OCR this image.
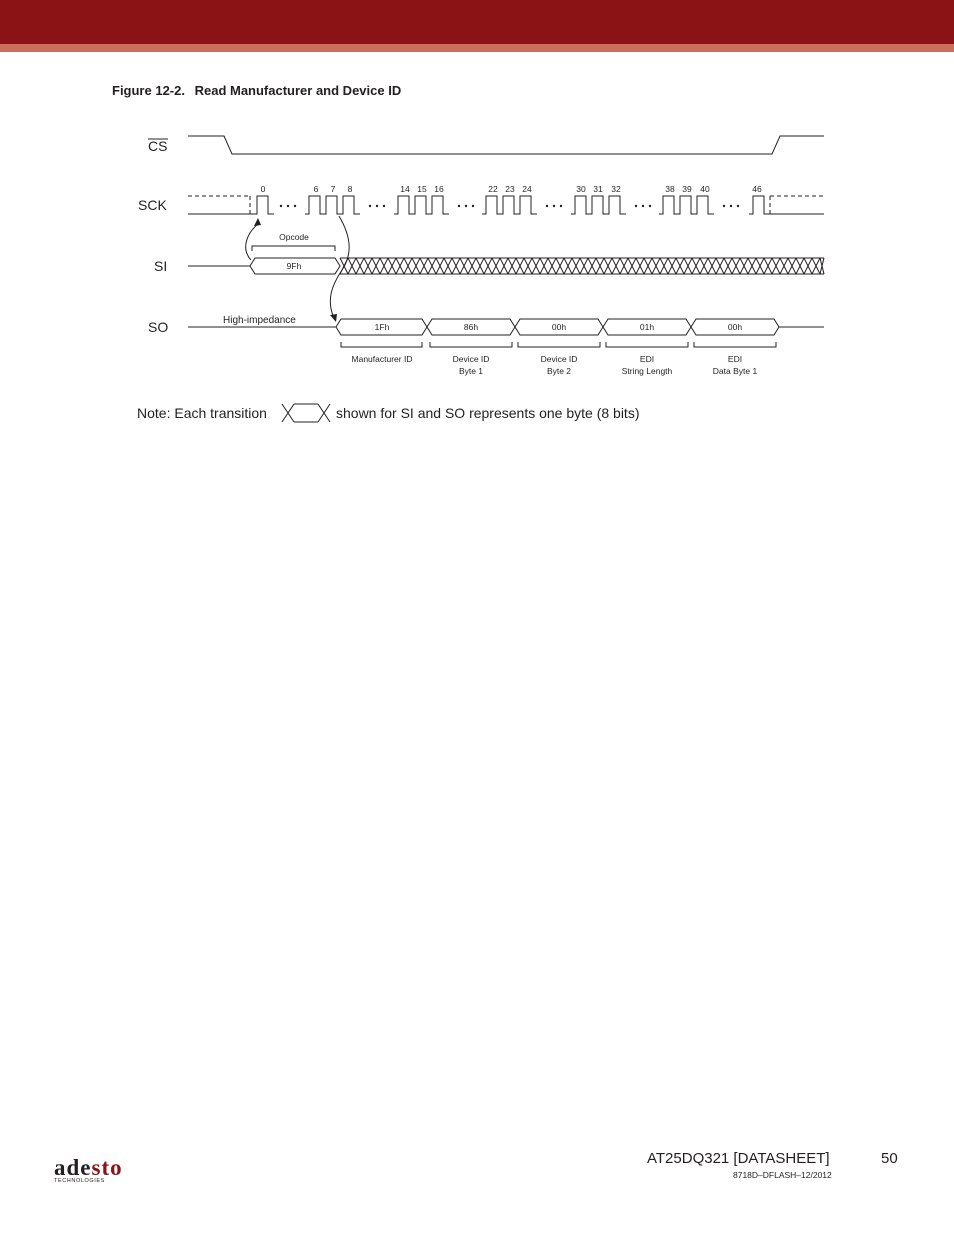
Figure 12-2. Read Manufacturer and Device ID
CS
SCK
SI
SO
0	6 7 8	14 15 16	22 23 24	30 31 32	38 39 40	46
Opcode
9Fh
High-impedance
1Fh	86h	00h	01h	00h
Manufacturer ID	Device ID
Byte 1
Device ID
Byte 2
EDI
String Length
EDI
Data Byte 1
Note: Each transition	shown for SI and SO represents one byte (8 bits)
adesto
TECHNOLOGIES
AT25DQ321 [DATASHEET]	50
8718D–DFLASH–12/2012
